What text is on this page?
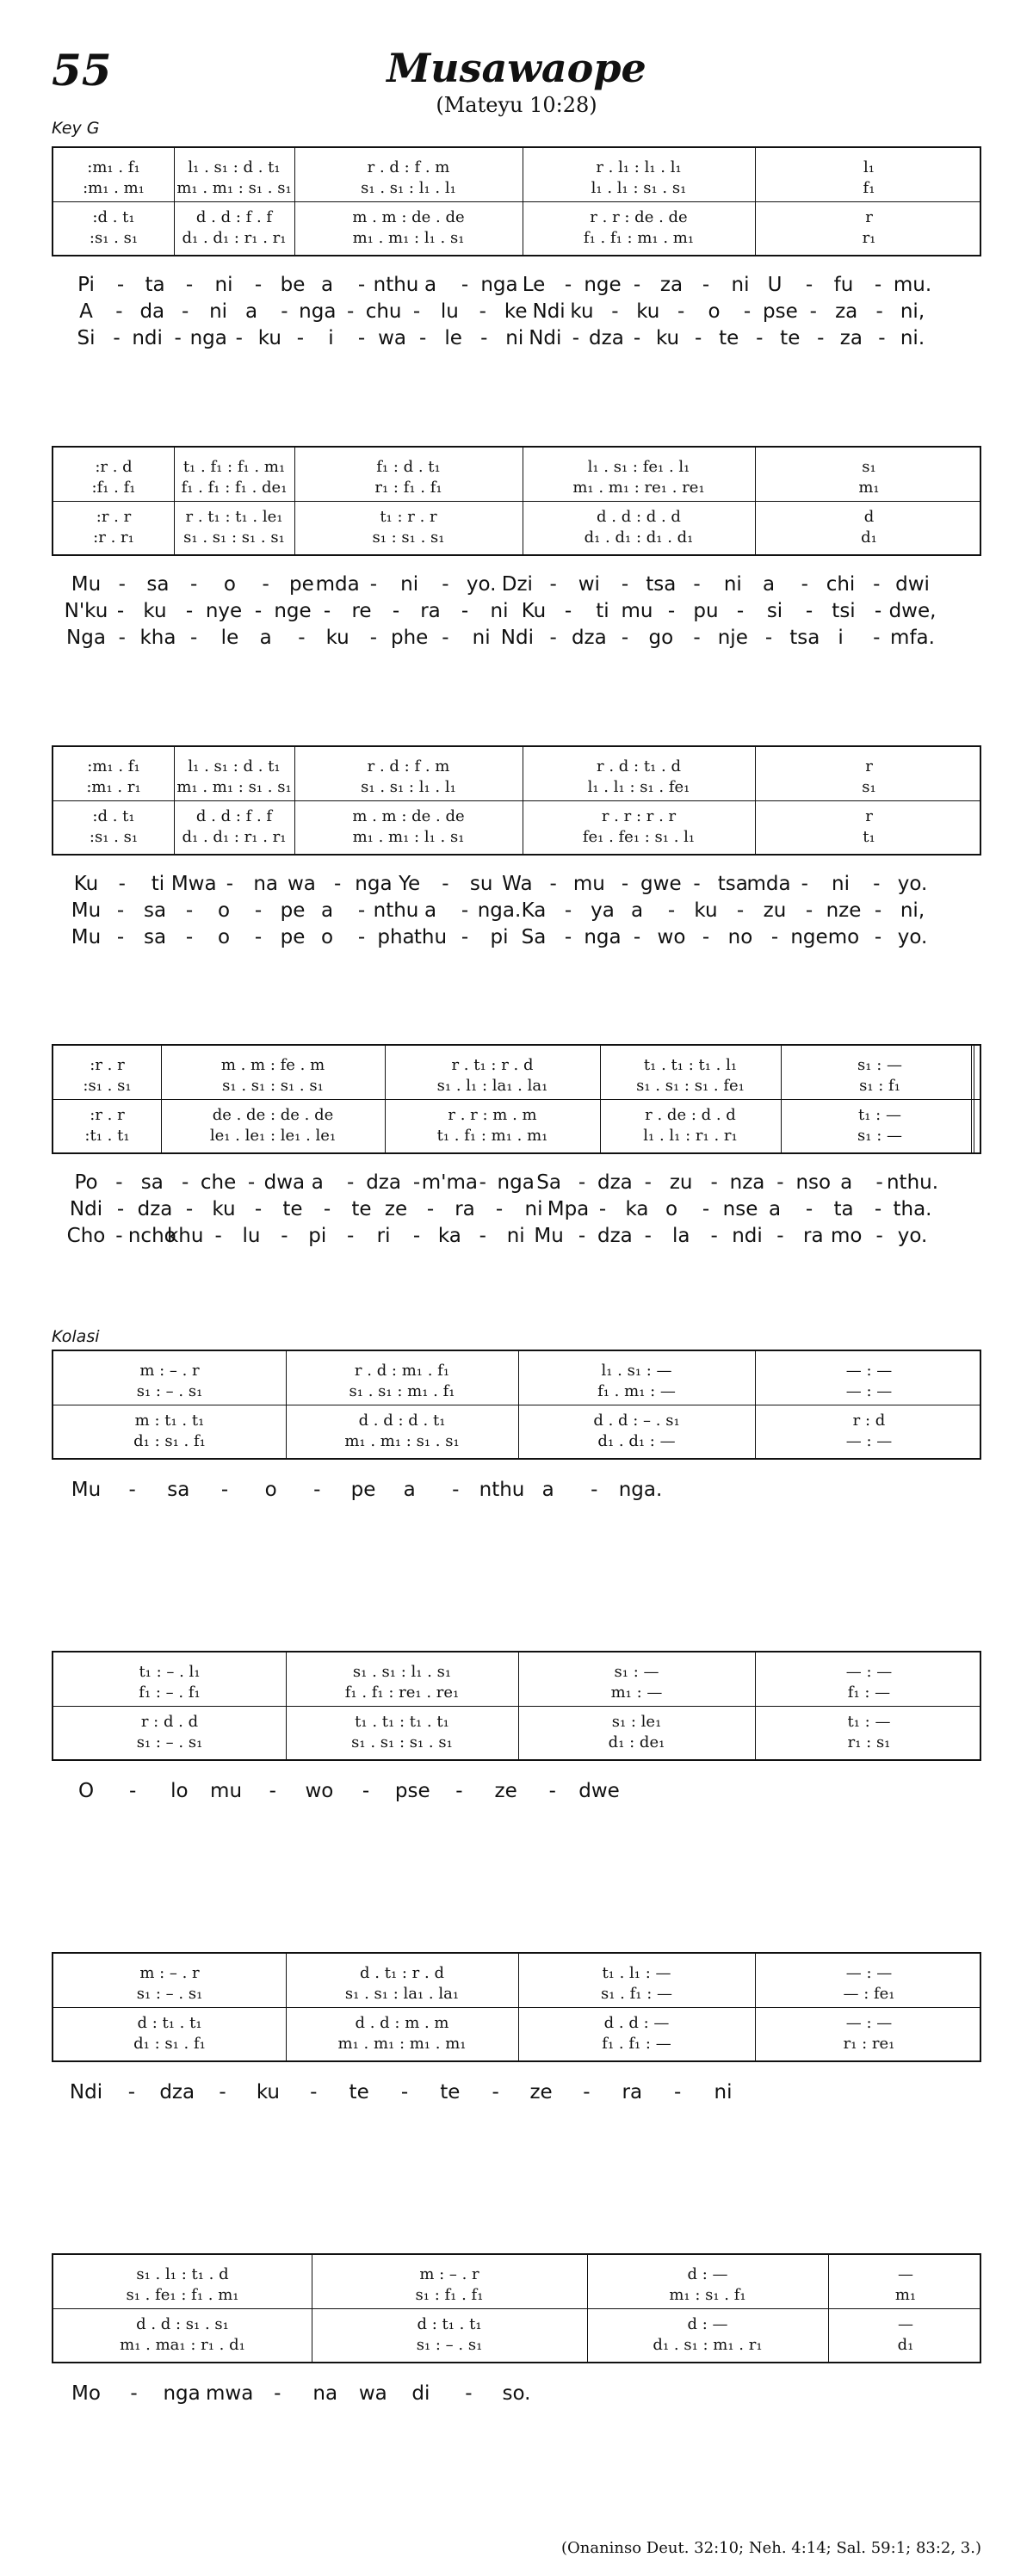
55	Musawaope
(Mateyu 10:28)
Key G
Kolasi
(Onaninso Deut. 32:10; Neh. 4:14; Sal. 59:1; 83:2, 3.)
:m₁ . f₁	l₁ . s₁ : d . t₁	r . d : f . m	r . l₁ : l₁ . l₁	l₁
:m₁ . m₁	m₁ . m₁ : s₁ . s₁	s₁ . s₁ : l₁ . l₁	l₁ . l₁ : s₁ . s₁	f₁
:d . t₁	d . d : f . f	m . m : de . de	r . r : de . de	r
:s₁ . s₁	d₁ . d₁ : r₁ . r₁	m₁ . m₁ : l₁ . s₁	f₁ . f₁ : m₁ . m₁	r₁
Pi - ta - ni - be a - nthu a - nga Le - nge - za - ni U - fu - mu.
A - da - ni a - nga - chu - lu - ke Ndi ku - ku - o - pse - za - ni,
Si - ndi - nga - ku - i - wa - le - ni Ndi - dza - ku - te - te - za - ni.
:r . d	t₁ . f₁ : f₁ . m₁	f₁ : d . t₁	l₁ . s₁ : fe₁ . l₁	s₁
:f₁ . f₁	f₁ . f₁ : f₁ . de₁	r₁ : f₁ . f₁	m₁ . m₁ : re₁ . re₁	m₁
:r . r	r . t₁ : t₁ . le₁	t₁ : r . r	d . d : d . d	d
:r . r₁	s₁ . s₁ : s₁ . s₁	s₁ : s₁ . s₁	d₁ . d₁ : d₁ . d₁	d₁
Mu - sa - o - pe mda - ni - yo. Dzi - wi - tsa - ni a - chi - dwi
N'ku - ku - nye - nge - re - ra - ni Ku - ti mu - pu - si - tsi - dwe,
Nga - kha - le a - ku - phe - ni Ndi - dza - go - nje - tsa i - mfa.
:m₁ . f₁	l₁ . s₁ : d . t₁	r . d : f . m	r . d : t₁ . d	r
:m₁ . r₁	m₁ . m₁ : s₁ . s₁	s₁ . s₁ : l₁ . l₁	l₁ . l₁ : s₁ . fe₁	s₁
:d . t₁	d . d : f . f	m . m : de . de	r . r : r . r	r
:s₁ . s₁	d₁ . d₁ : r₁ . r₁	m₁ . m₁ : l₁ . s₁	fe₁ . fe₁ : s₁ . l₁	t₁
Ku - ti Mwa - na wa - nga Ye - su Wa - mu - gwe - tsa
mda - ni - yo.
Mu - sa - o - pe a - nthu a - nga. Ka - ya a - ku - zu - nze - ni,
Mu - sa - o - pe o - pha thu - pi Sa - nga - wo - no - nge mo - yo.
:r . r	m . m : fe . m	r . t₁ : r . d	t₁ . t₁ : t₁ . l₁	s₁ : —
:s₁ . s₁	s₁ . s₁ : s₁ . s₁	s₁ . l₁ : la₁ . la₁	s₁ . s₁ : s₁ . fe₁	s₁ : f₁
:r . r	de . de : de . de	r . r : m . m	r . de : d . d	t₁ : —
:t₁ . t₁	le₁ . le₁ : le₁ . le₁	t₁ . f₁ : m₁ . m₁	l₁ . l₁ : r₁ . r₁	s₁ : —
Po - sa - che - dwa a - dza - m'ma - nga Sa - dza - zu - nza - nso a - nthu.
Ndi - dza - ku - te - te ze - ra - ni Mpa - ka o - nse a - ta - tha.
Cho - ncho
khu - lu - pi - ri - ka - ni Mu - dza - la - ndi - ra mo - yo.
m : – . r	r . d : m₁ . f₁	l₁ . s₁ : —	— : —
s₁ : – . s₁	s₁ . s₁ : m₁ . f₁	f₁ . m₁ : —	— : —
m : t₁ . t₁	d . d : d . t₁	d . d : – . s₁	r : d
d₁ : s₁ . f₁	m₁ . m₁ : s₁ . s₁	d₁ . d₁ : —	— : —
Mu - sa - o - pe a - nthu a - nga.
t₁ : – . l₁	s₁ . s₁ : l₁ . s₁	s₁ : —	— : —
f₁ : – . f₁	f₁ . f₁ : re₁ . re₁	m₁ : —	f₁ : —
r : d . d	t₁ . t₁ : t₁ . t₁	s₁ : le₁	t₁ : —
s₁ : – . s₁	s₁ . s₁ : s₁ . s₁	d₁ : de₁	r₁ : s₁
O - lo mu - wo - pse - ze - dwe
m : – . r	d . t₁ : r . d	t₁ . l₁ : —	— : —
s₁ : – . s₁	s₁ . s₁ : la₁ . la₁	s₁ . f₁ : —	— : fe₁
d : t₁ . t₁	d . d : m . m	d . d : —	— : —
d₁ : s₁ . f₁	m₁ . m₁ : m₁ . m₁	f₁ . f₁ : —	r₁ : re₁
Ndi - dza - ku - te - te - ze - ra - ni
s₁ . l₁ : t₁ . d	m : – . r	d : —	—
s₁ . fe₁ : f₁ . m₁	s₁ : f₁ . f₁	m₁ : s₁ . f₁	m₁
d . d : s₁ . s₁	d : t₁ . t₁	d : —	—
m₁ . ma₁ : r₁ . d₁	s₁ : – . s₁	d₁ . s₁ : m₁ . r₁	d₁
Mo - nga mwa - na wa di - so.
